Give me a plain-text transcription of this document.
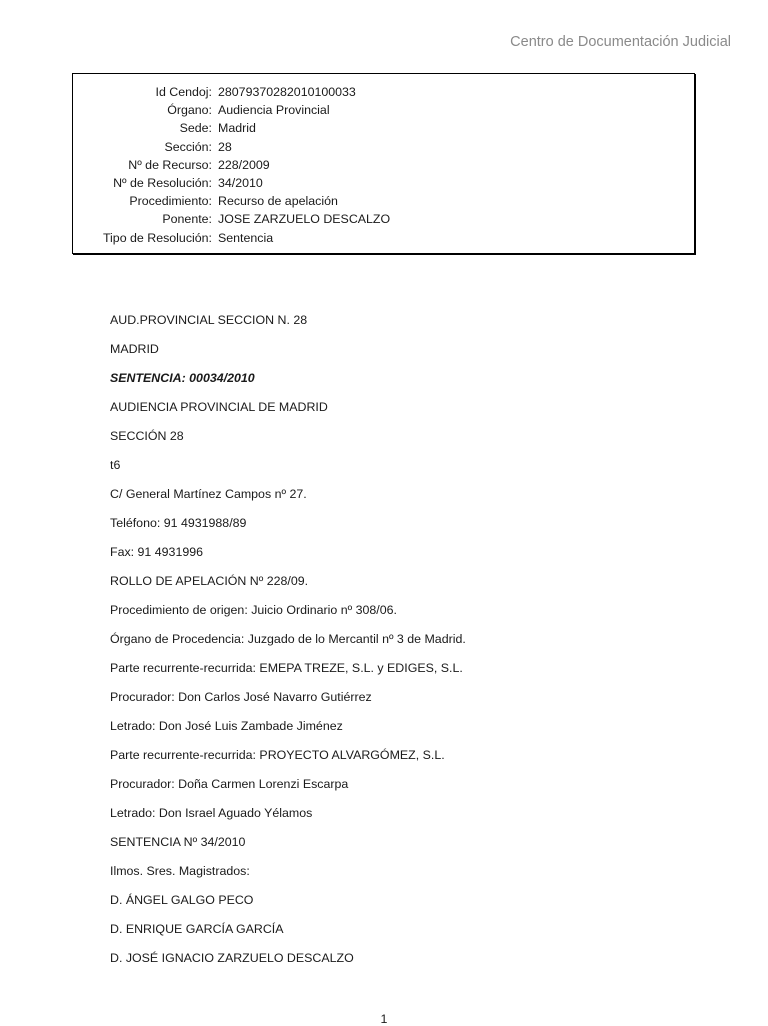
Centro de Documentación Judicial
Id Cendoj: 28079370282010100033
Órgano: Audiencia Provincial
Sede: Madrid
Sección: 28
Nº de Recurso: 228/2009
Nº de Resolución: 34/2010
Procedimiento: Recurso de apelación
Ponente: JOSE ZARZUELO DESCALZO
Tipo de Resolución: Sentencia
AUD.PROVINCIAL SECCION N. 28
MADRID
SENTENCIA: 00034/2010
AUDIENCIA PROVINCIAL DE MADRID
SECCIÓN 28
t6
C/ General Martínez Campos nº 27.
Teléfono: 91 4931988/89
Fax: 91 4931996
ROLLO DE APELACIÓN Nº 228/09.
Procedimiento de origen: Juicio Ordinario nº 308/06.
Órgano de Procedencia: Juzgado de lo Mercantil nº 3 de Madrid.
Parte recurrente-recurrida: EMEPA TREZE, S.L. y EDIGES, S.L.
Procurador: Don Carlos José Navarro Gutiérrez
Letrado: Don José Luis Zambade Jiménez
Parte recurrente-recurrida: PROYECTO ALVARGÓMEZ, S.L.
Procurador: Doña Carmen Lorenzi Escarpa
Letrado: Don Israel Aguado Yélamos
SENTENCIA Nº 34/2010
Ilmos. Sres. Magistrados:
D. ÁNGEL GALGO PECO
D. ENRIQUE GARCÍA GARCÍA
D. JOSÉ IGNACIO ZARZUELO DESCALZO
1
